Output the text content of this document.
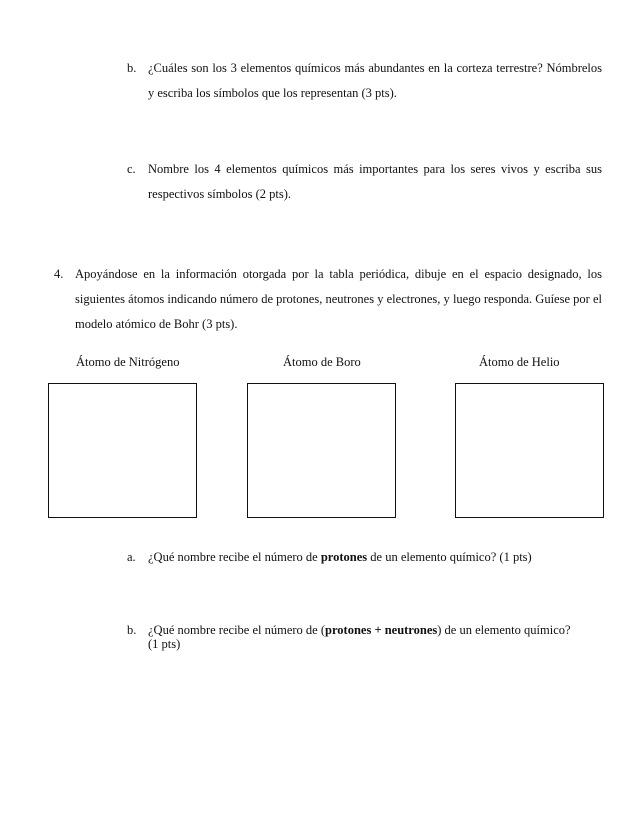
b. ¿Cuáles son los 3 elementos químicos más abundantes en la corteza terrestre? Nómbrelos y escriba los símbolos que los representan (3 pts).
c. Nombre los 4 elementos químicos más importantes para los seres vivos y escriba sus respectivos símbolos (2 pts).
4. Apoyándose en la información otorgada por la tabla periódica, dibuje en el espacio designado, los siguientes átomos indicando número de protones, neutrones y electrones, y luego responda. Guíese por el modelo atómico de Bohr (3 pts).
Átomo de Nitrógeno	Átomo de Boro	Átomo de Helio
a. ¿Qué nombre recibe el número de protones de un elemento químico? (1 pts)
b. ¿Qué nombre recibe el número de (protones + neutrones) de un elemento químico?
(1 pts)
